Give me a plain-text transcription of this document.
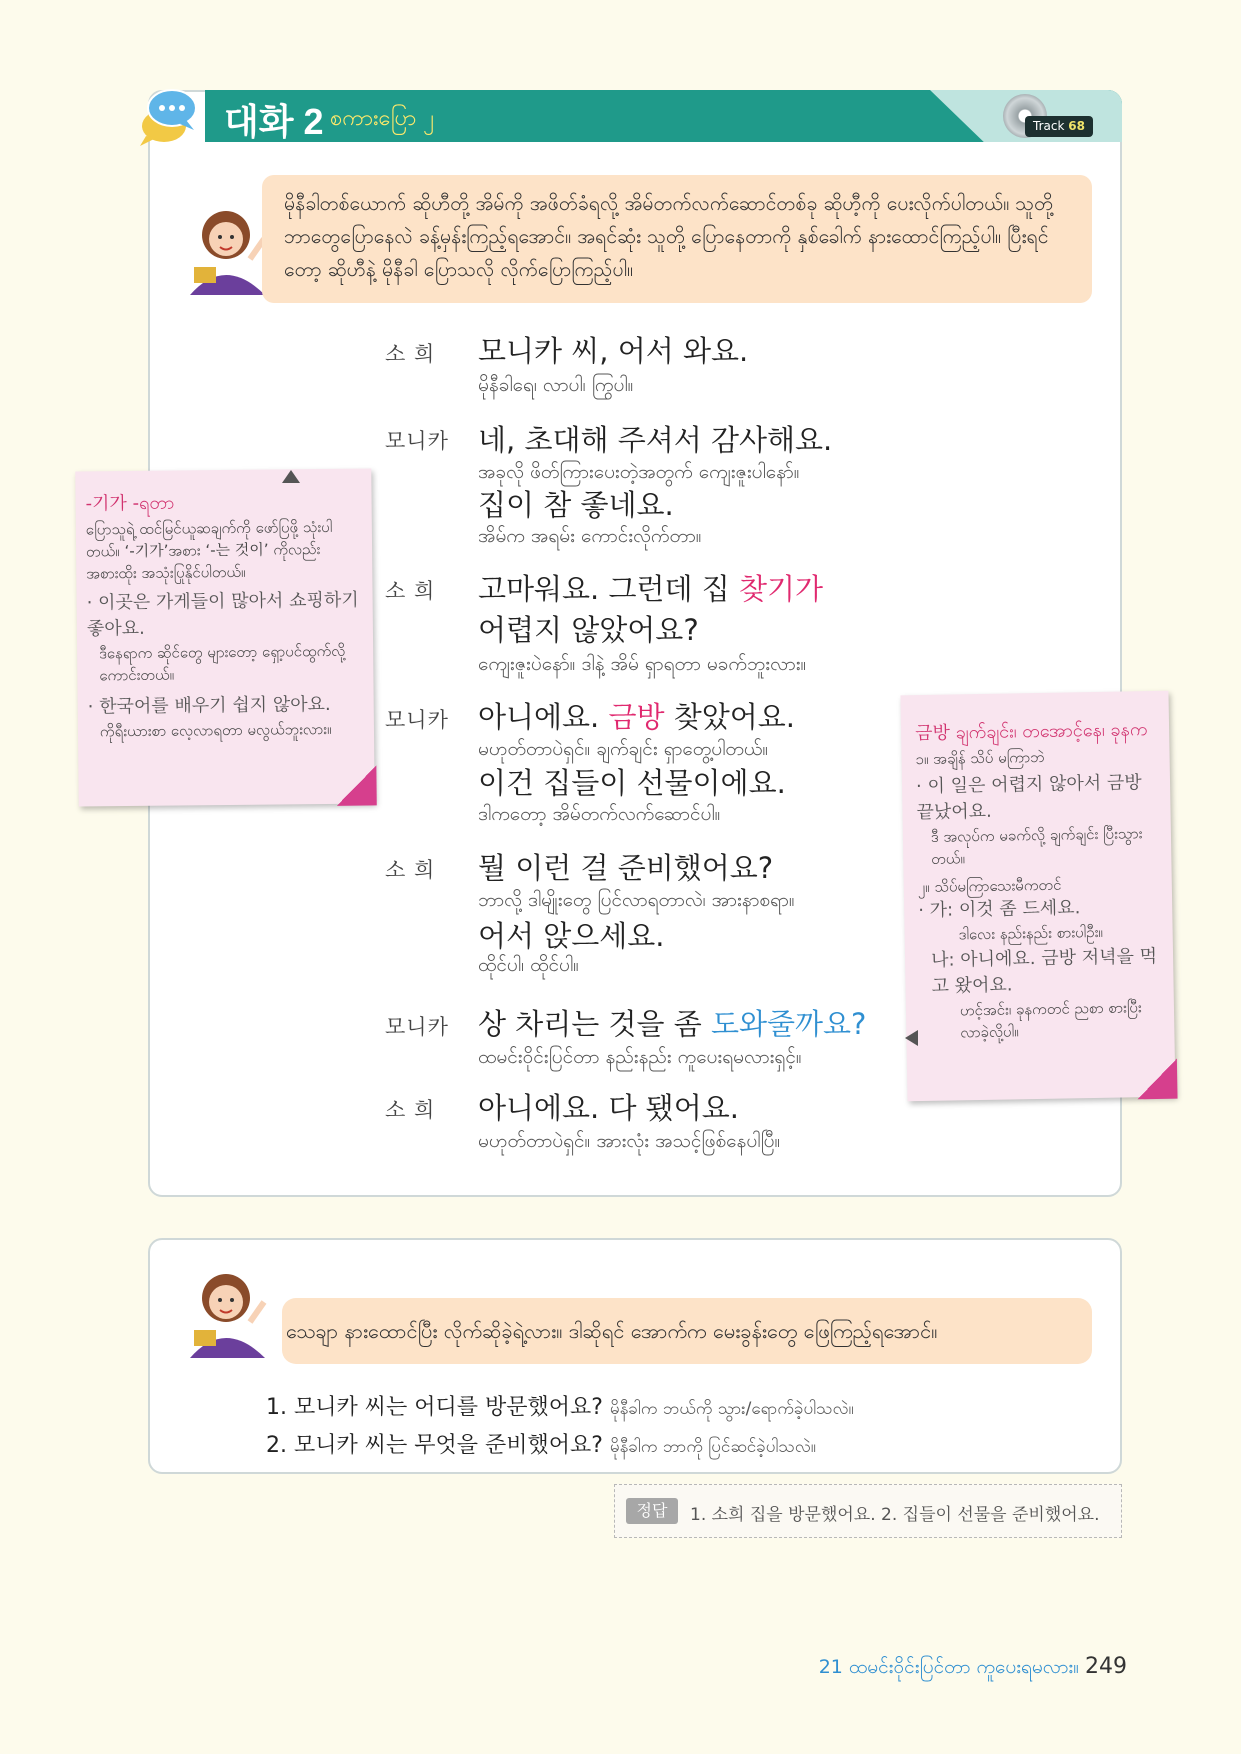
Track 68
대화 2 စကားပြော ၂

မိုနီခါတစ်ယောက် ဆိုဟီတို့ အိမ်ကို အဖိတ်ခံရလို့ အိမ်တက်လက်ဆောင်တစ်ခု ဆိုဟီ့ကို ပေးလိုက်ပါတယ်။ သူတို့ ဘာတွေပြောနေလဲ ခန့်မှန်းကြည့်ရအောင်။ အရင်ဆုံး သူတို့ ပြောနေတာကို နှစ်ခေါက် နားထောင်ကြည့်ပါ။ ပြီးရင်တော့ ဆိုဟီနဲ့ မိုနီခါ ပြောသလို လိုက်ပြောကြည့်ပါ။

소 희 모니카 씨, 어서 와요.
မိုနီခါရေ၊ လာပါ၊ ကြွပါ။
모니카 네, 초대해 주셔서 감사해요.
အခုလို ဖိတ်ကြားပေးတဲ့အတွက် ကျေးဇူးပါနော်။
집이 참 좋네요.
အိမ်က အရမ်း ကောင်းလိုက်တာ။
소 희 고마워요. 그런데 집 찾기가
어렵지 않았어요?
ကျေးဇူးပဲနော်။ ဒါနဲ့ အိမ် ရှာရတာ မခက်ဘူးလား။
모니카 아니에요. 금방 찾았어요.
မဟုတ်တာပဲရှင်။ ချက်ချင်း ရှာတွေ့ပါတယ်။
이건 집들이 선물이에요.
ဒါကတော့ အိမ်တက်လက်ဆောင်ပါ။
소 희 뭘 이런 걸 준비했어요?
ဘာလို့ ဒါမျိုးတွေ ပြင်လာရတာလဲ၊ အားနာစရာ။
어서 앉으세요.
ထိုင်ပါ၊ ထိုင်ပါ။
모니카 상 차리는 것을 좀 도와줄까요?
ထမင်းဝိုင်းပြင်တာ နည်းနည်း ကူပေးရမလားရှင့်။
소 희 아니에요. 다 됐어요.
မဟုတ်တာပဲရှင်။ အားလုံး အသင့်ဖြစ်နေပါပြီ။
-기가 -ရတာ
ပြောသူရဲ့ ထင်မြင်ယူဆချက်ကို ဖော်ပြဖို့ သုံးပါတယ်။ ‘-기가’အစား ‘-는 것이’ ကိုလည်း အစားထိုး အသုံးပြုနိုင်ပါတယ်။
· 이곳은 가게들이 많아서 쇼핑하기 좋아요.
ဒီနေရာက ဆိုင်တွေ များတော့ ရှော့ပင်ထွက်လို့ ကောင်းတယ်။
· 한국어를 배우기 쉽지 않아요.
ကိုရီးယားစာ လေ့လာရတာ မလွယ်ဘူးလား။	금방 ချက်ချင်း၊ တအောင့်နေ၊ ခုနက
၁။ အချိန် သိပ် မကြာဘဲ
· 이 일은 어렵지 않아서 금방 끝났어요.
ဒီ အလုပ်က မခက်လို့ ချက်ချင်း ပြီးသွားတယ်။
၂။ သိပ်မကြာသေးမီကတင်
· 가: 이것 좀 드세요.
ဒါလေး နည်းနည်း စားပါဦး။
나: 아니에요. 금방 저녁을 먹고 왔어요.
ဟင့်အင်း၊ ခုနကတင် ညစာ စားပြီး လာခဲ့လို့ပါ။
သေချာ နားထောင်ပြီး လိုက်ဆိုခဲ့ရဲ့လား။ ဒါဆိုရင် အောက်က မေးခွန်းတွေ ဖြေကြည့်ရအောင်။
1. 모니카 씨는 어디를 방문했어요? မိုနီခါက ဘယ်ကို သွား/ရောက်ခဲ့ပါသလဲ။
2. 모니카 씨는 무엇을 준비했어요? မိုနီခါက ဘာကို ပြင်ဆင်ခဲ့ပါသလဲ။
정답	1. 소희 집을 방문했어요. 2. 집들이 선물을 준비했어요.
21 ထမင်းဝိုင်းပြင်တာ ကူပေးရမလား။ 249
